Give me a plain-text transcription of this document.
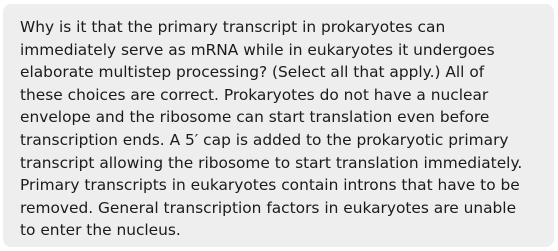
Why is it that the primary transcript in prokaryotes can
immediately serve as mRNA while in eukaryotes it undergoes
elaborate multistep processing? (Select all that apply.) All of
these choices are correct. Prokaryotes do not have a nuclear
envelope and the ribosome can start translation even before
transcription ends. A 5′ cap is added to the prokaryotic primary
transcript allowing the ribosome to start translation immediately.
Primary transcripts in eukaryotes contain introns that have to be
removed. General transcription factors in eukaryotes are unable
to enter the nucleus.
